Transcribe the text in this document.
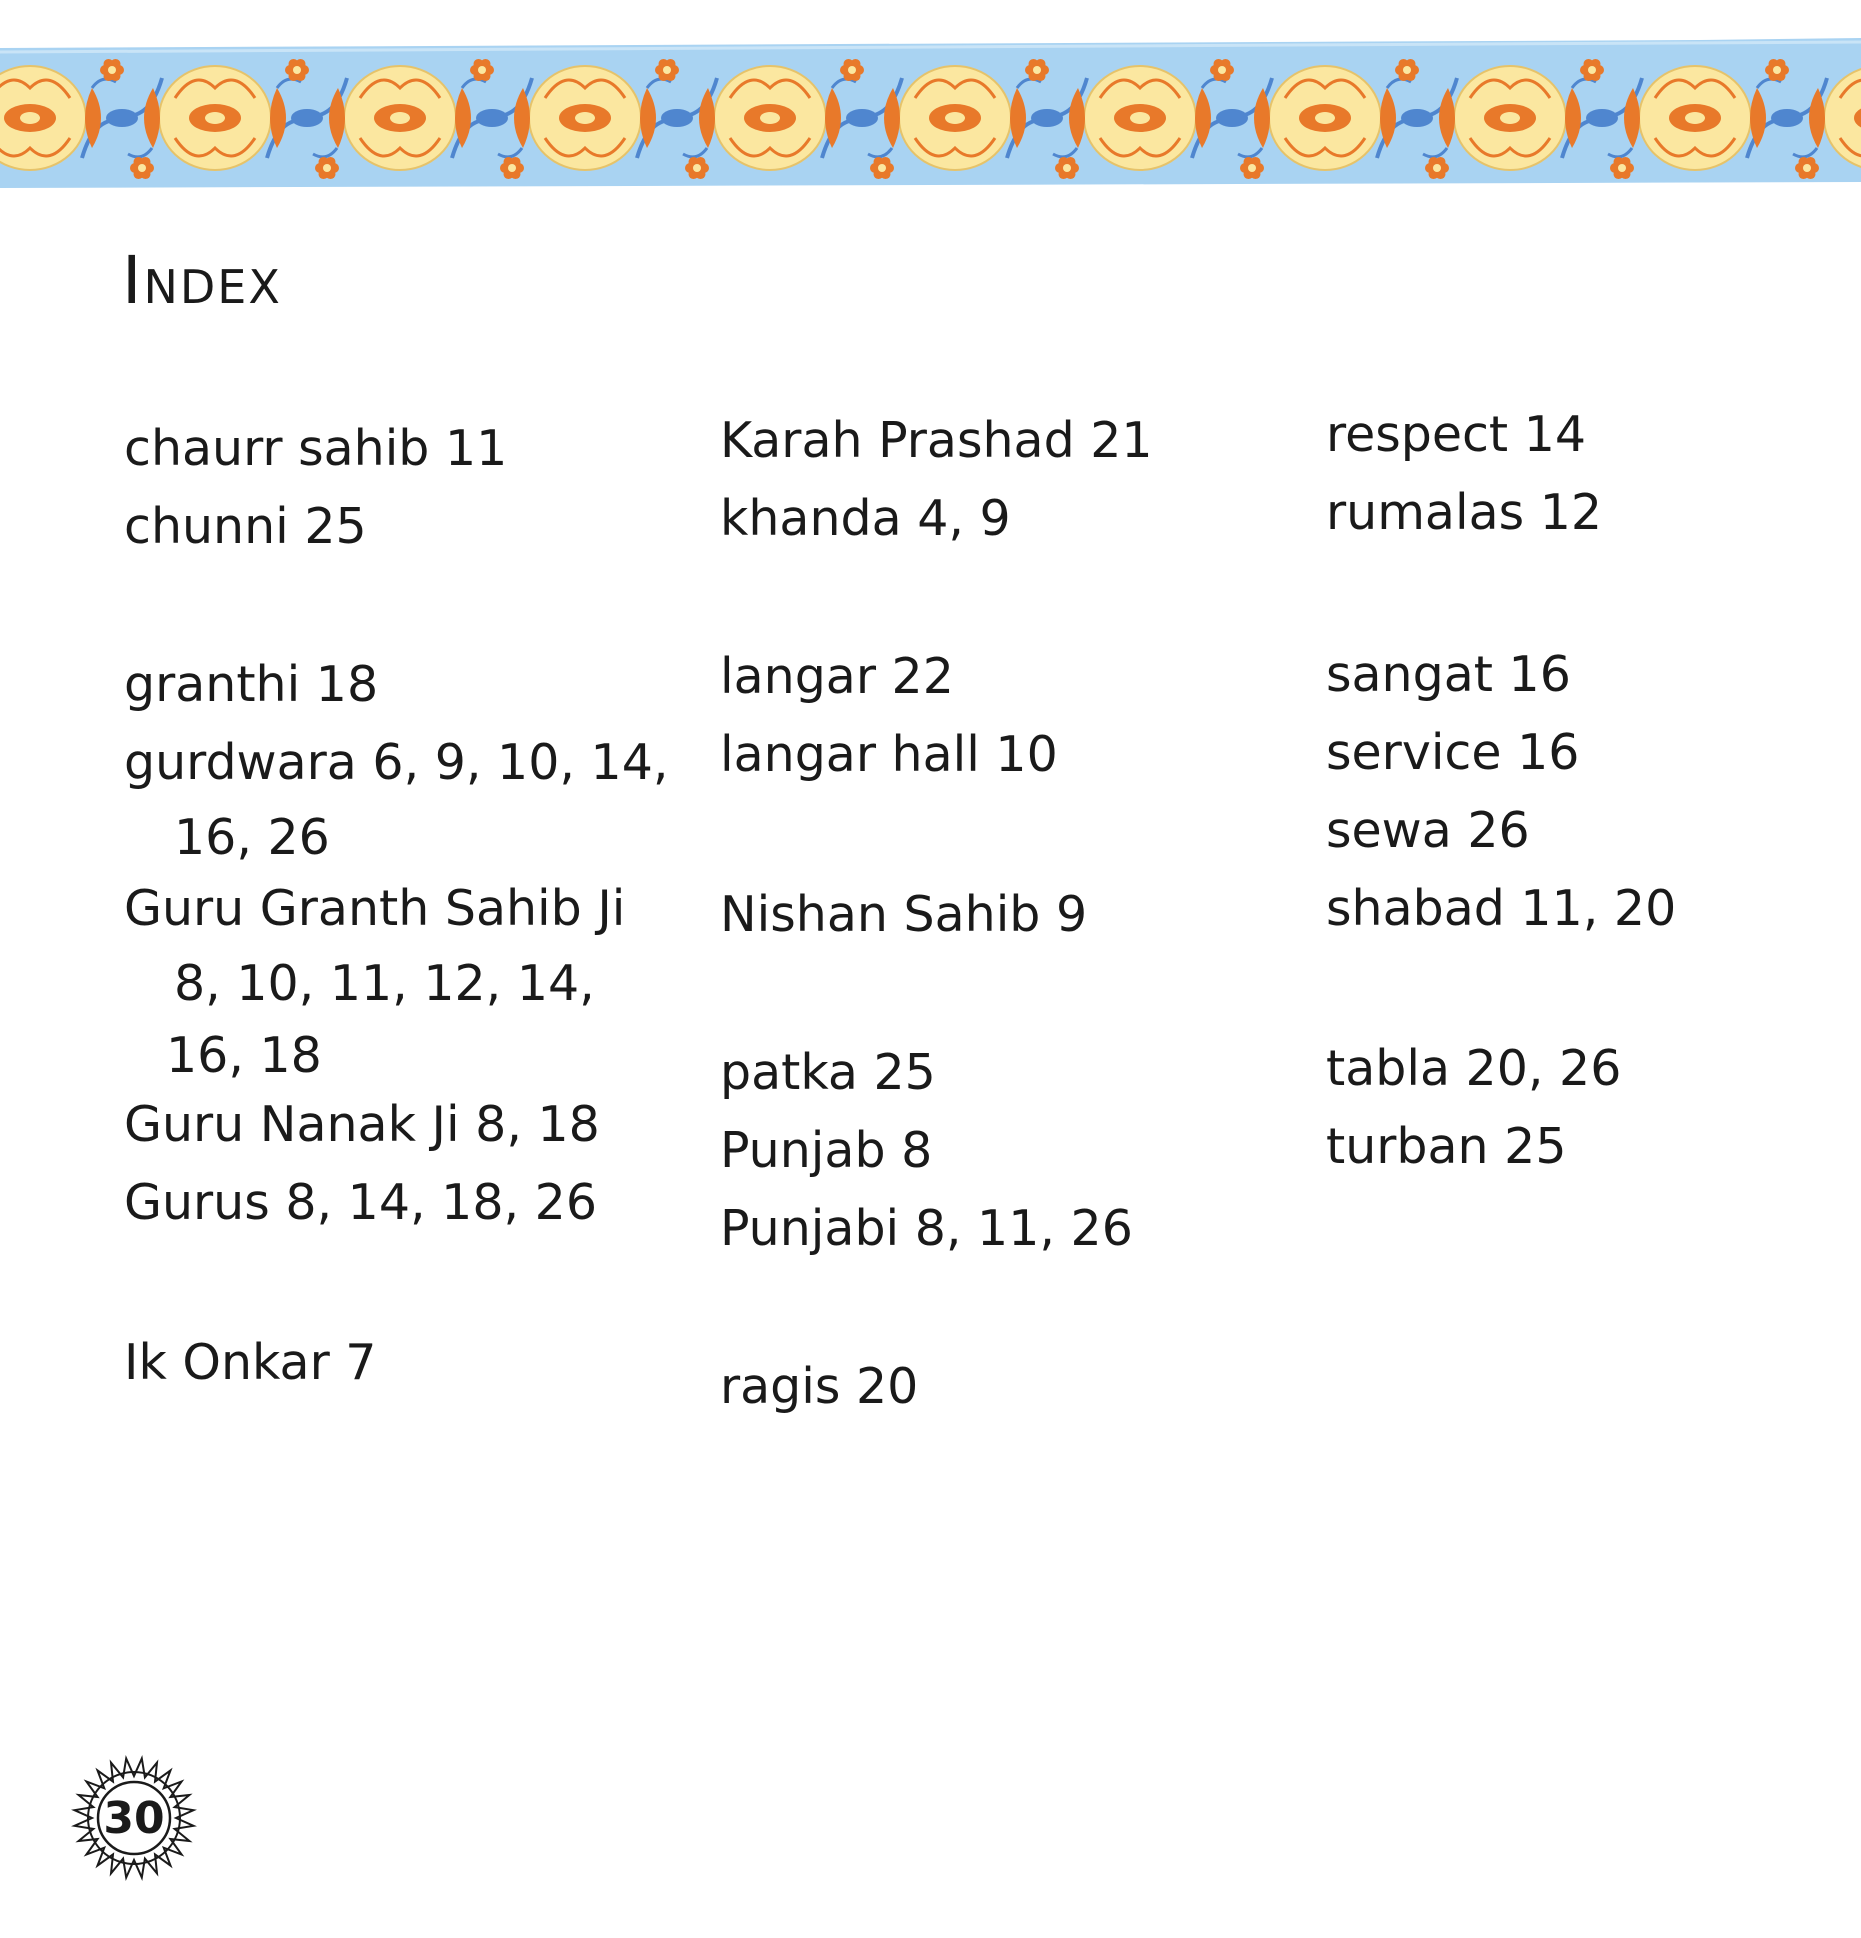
Index
chaurr sahib 11
chunni 25
granthi 18
gurdwara 6, 9, 10, 14,
16, 26
Guru Granth Sahib Ji
8, 10, 11, 12, 14,
16, 18
Guru Nanak Ji 8, 18
Gurus 8, 14, 18, 26
Ik Onkar 7
Karah Prashad 21
khanda 4, 9
langar 22
langar hall 10
Nishan Sahib 9
patka 25
Punjab 8
Punjabi 8, 11, 26
ragis 20
respect 14
rumalas 12
sangat 16
service 16
sewa 26
shabad 11, 20
tabla 20, 26
turban 25
30
